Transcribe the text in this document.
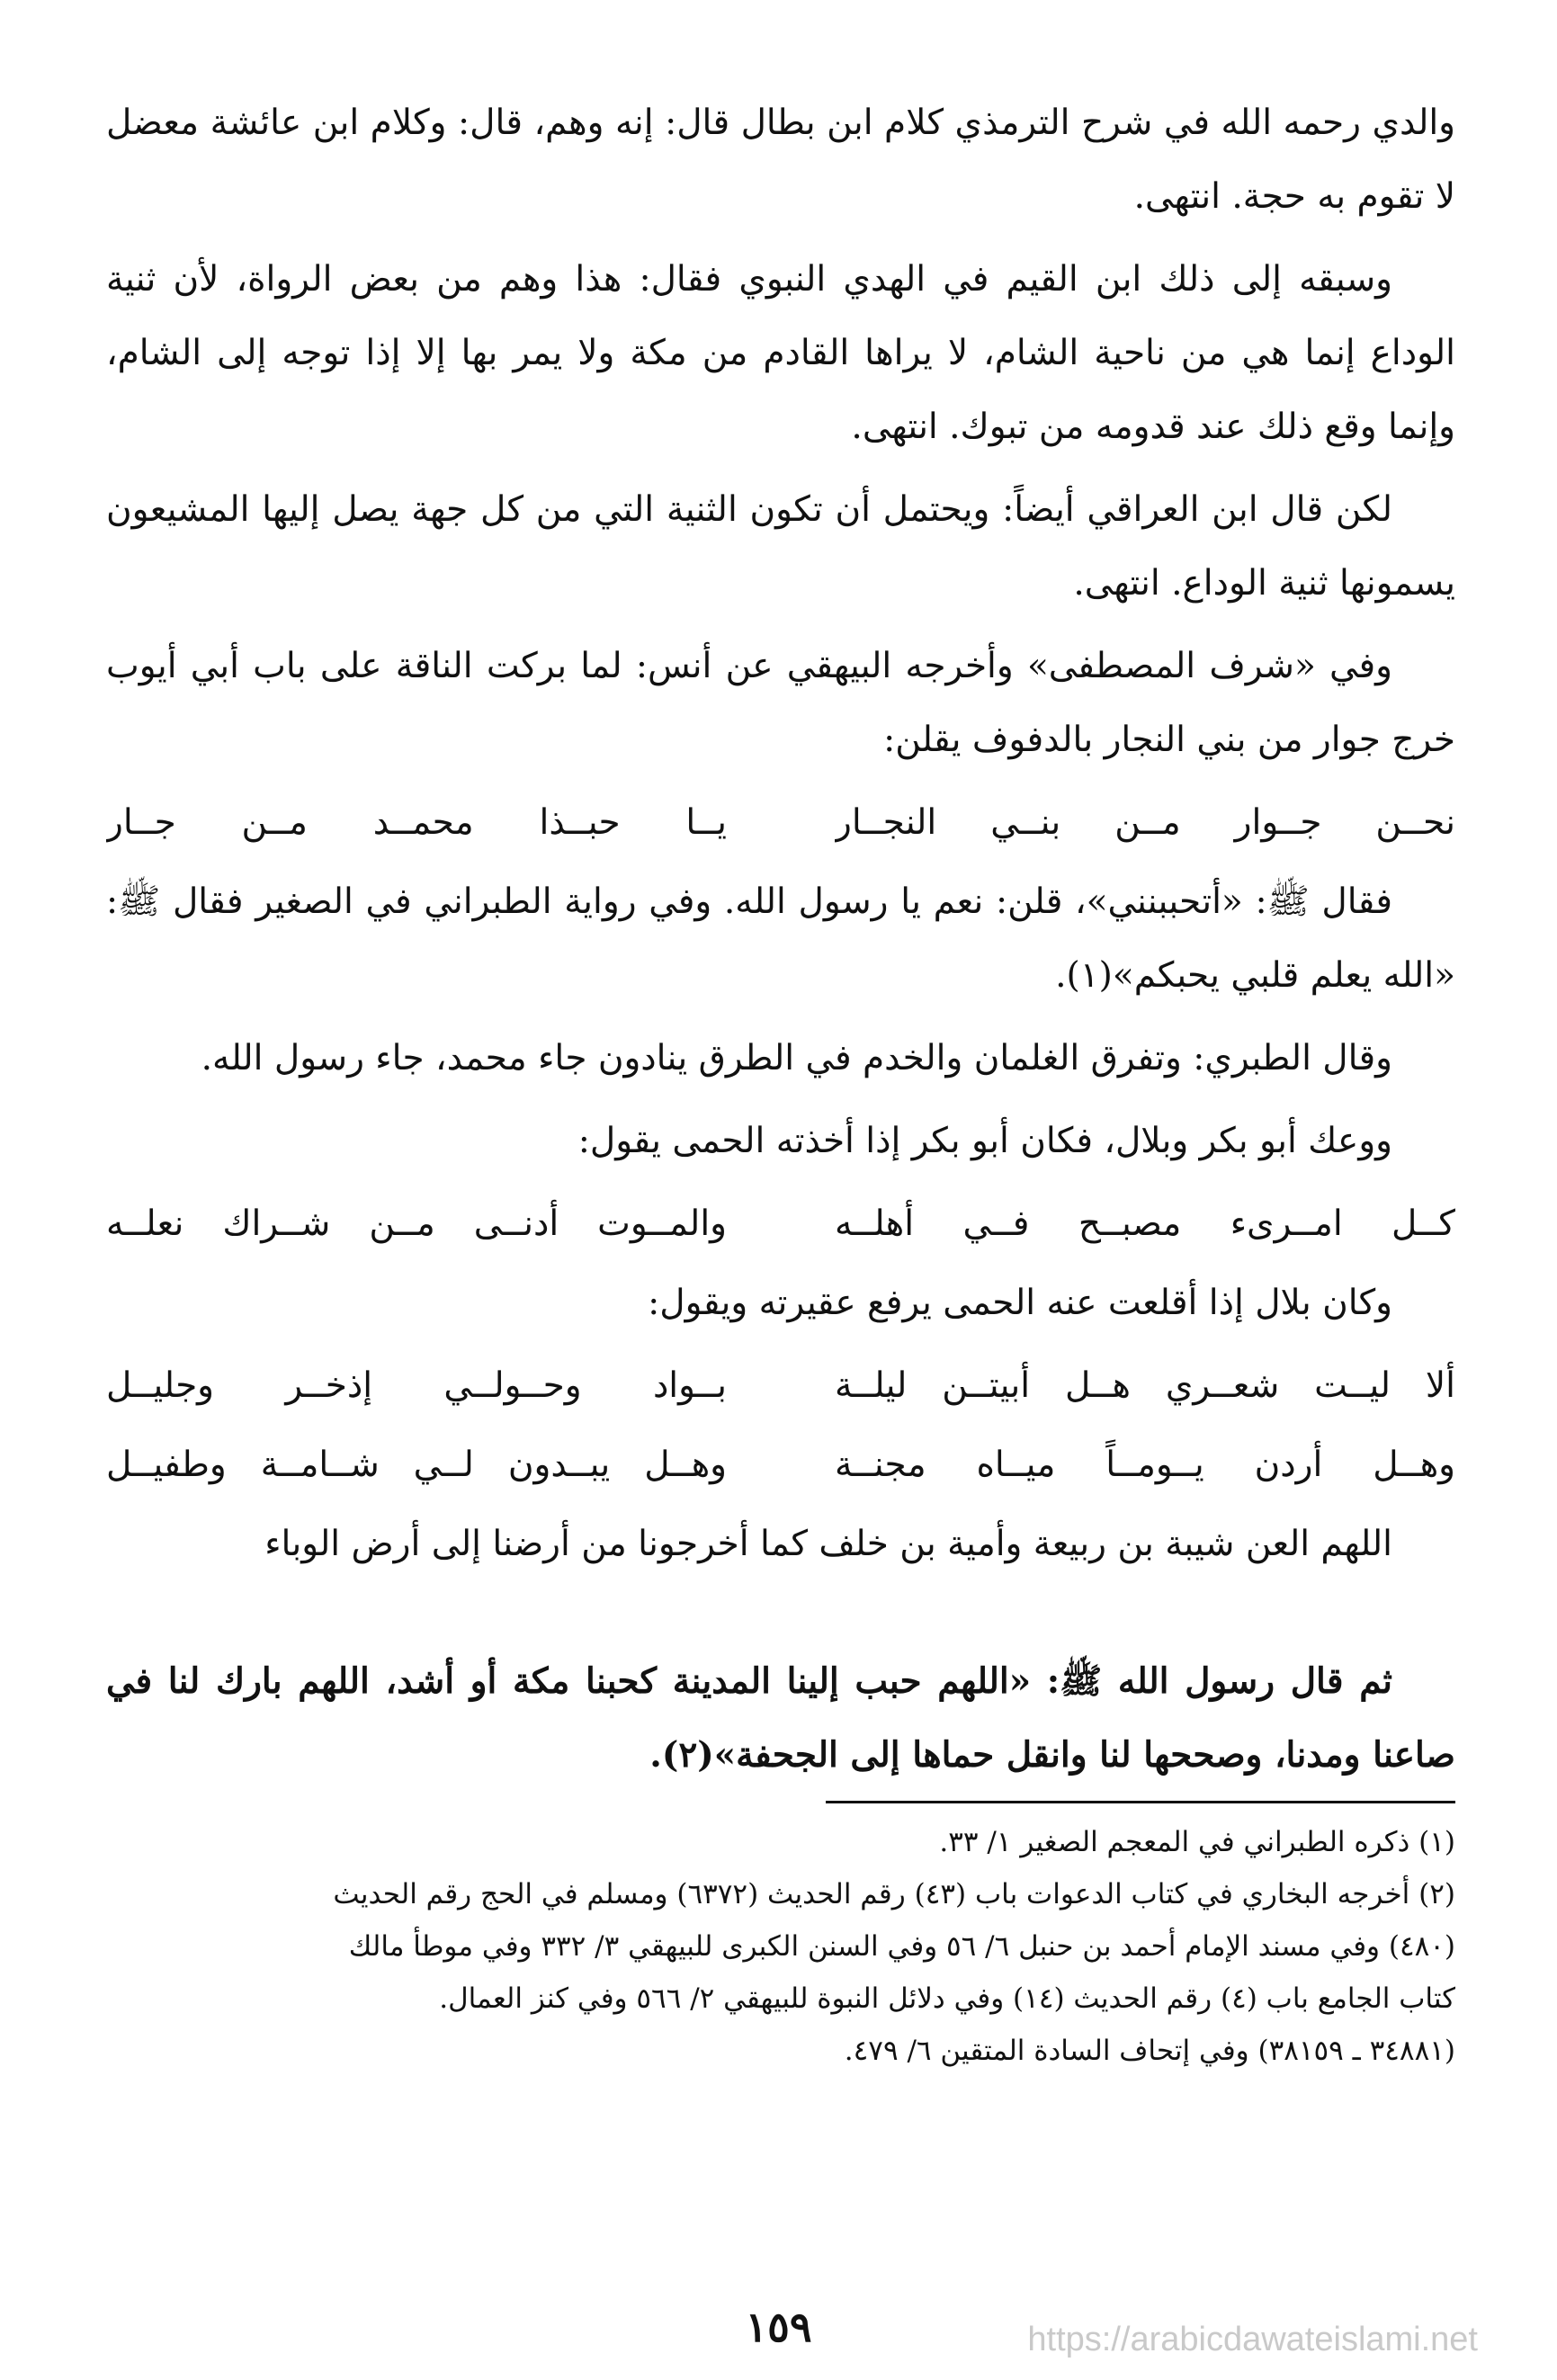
والدي رحمه الله في شرح الترمذي كلام ابن بطال قال: إنه وهم، قال: وكلام ابن عائشة معضل لا تقوم به حجة. انتهى.

وسبقه إلى ذلك ابن القيم في الهدي النبوي فقال: هذا وهم من بعض الرواة، لأن ثنية الوداع إنما هي من ناحية الشام، لا يراها القادم من مكة ولا يمر بها إلا إذا توجه إلى الشام، وإنما وقع ذلك عند قدومه من تبوك. انتهى.

لكن قال ابن العراقي أيضاً: ويحتمل أن تكون الثنية التي من كل جهة يصل إليها المشيعون يسمونها ثنية الوداع. انتهى.

وفي «شرف المصطفى» وأخرجه البيهقي عن أنس: لما بركت الناقة على باب أبي أيوب خرج جوار من بني النجار بالدفوف يقلن:

نحــن جــوار مــن بنــي النجــار
يــا حبــذا محمــد مــن جــار

فقال ﷺ: «أتحببنني»، قلن: نعم يا رسول الله. وفي رواية الطبراني في الصغير فقال ﷺ: «الله يعلم قلبي يحبكم»(١).

وقال الطبري: وتفرق الغلمان والخدم في الطرق ينادون جاء محمد، جاء رسول الله.

ووعك أبو بكر وبلال، فكان أبو بكر إذا أخذته الحمى يقول:

كــل امــرىء مصبــح فــي أهلــه
والمــوت أدنــى مــن شــراك نعلــه

وكان بلال إذا أقلعت عنه الحمى يرفع عقيرته ويقول:

ألا ليــت شعــري هــل أبيتــن ليلــة
بــواد وحــولــي إذخــر وجليــل
وهــل أردن يــومــاً ميــاه مجنــة
وهــل يبــدون لــي شــامــة وطفيــل

اللهم العن شيبة بن ربيعة وأمية بن خلف كما أخرجونا من أرضنا إلى أرض الوباء

ثم قال رسول الله ﷺ: «اللهم حبب إلينا المدينة كحبنا مكة أو أشد، اللهم بارك لنا في صاعنا ومدنا، وصححها لنا وانقل حماها إلى الجحفة»(٢).

(١) ذكره الطبراني في المعجم الصغير ١/ ٣٣.

(٢) أخرجه البخاري في كتاب الدعوات باب (٤٣) رقم الحديث (٦٣٧٢) ومسلم في الحج رقم الحديث

(٤٨٠) وفي مسند الإمام أحمد بن حنبل ٦/ ٥٦ وفي السنن الكبرى للبيهقي ٣/ ٣٣٢ وفي موطأ مالك

كتاب الجامع باب (٤) رقم الحديث (١٤) وفي دلائل النبوة للبيهقي ٢/ ٥٦٦ وفي كنز العمال.

(٣٤٨٨١ ـ ٣٨١٥٩) وفي إتحاف السادة المتقين ٦/ ٤٧٩.

١٥٩	https://arabicdawateislami.net
